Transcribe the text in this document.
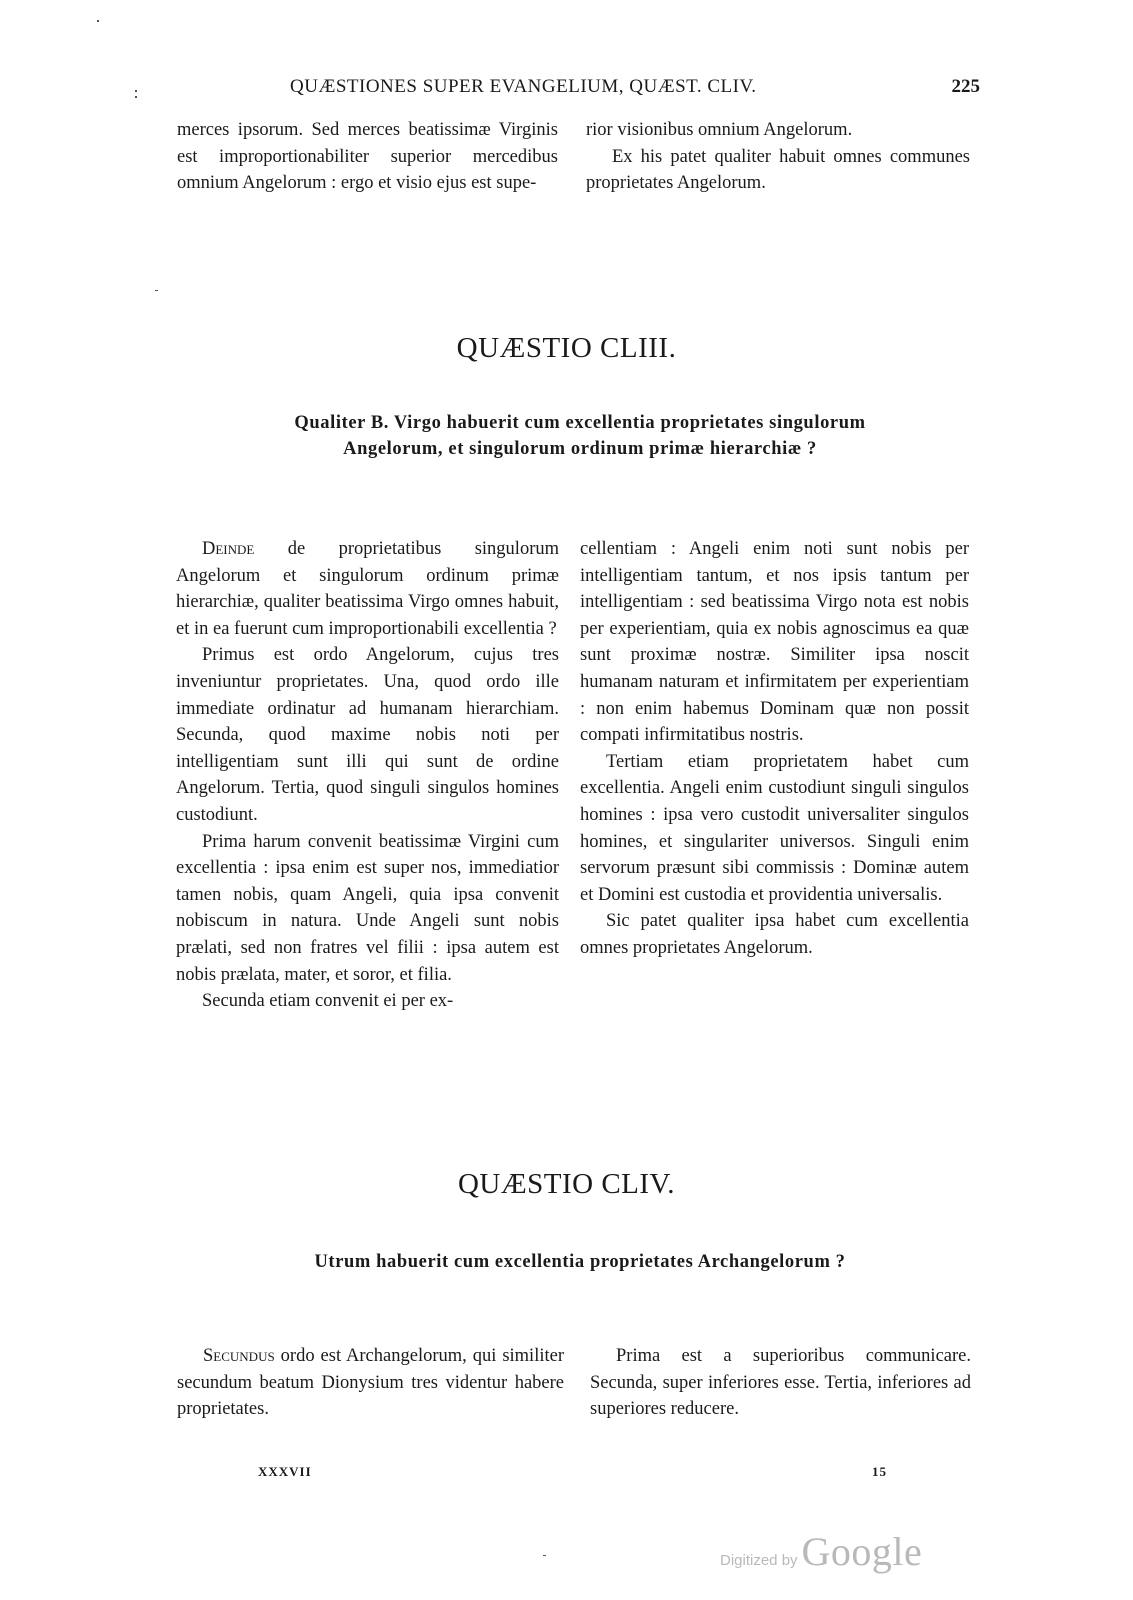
QUÆSTIONES SUPER EVANGELIUM, QUÆST. CLIV.	225

merces ipsorum. Sed merces beatissimæ Virginis est improportionabiliter superior mercedibus omnium Angelorum : ergo et visio ejus est supe-

rior visionibus omnium Angelorum.

Ex his patet qualiter habuit omnes communes proprietates Angelorum.

QUÆSTIO CLIII.
Qualiter B. Virgo habuerit cum excellentia proprietates singulorum
Angelorum, et singulorum ordinum primæ hierarchiæ ?

Deinde de proprietatibus singulorum Angelorum et singulorum ordinum primæ hierarchiæ, qualiter beatissima Virgo omnes habuit, et in ea fuerunt cum improportionabili excellentia ?

Primus est ordo Angelorum, cujus tres inveniuntur proprietates. Una, quod ordo ille immediate ordinatur ad humanam hierarchiam. Secunda, quod maxime nobis noti per intelligentiam sunt illi qui sunt de ordine Angelorum. Tertia, quod singuli singulos homines custodiunt.

Prima harum convenit beatissimæ Virgini cum excellentia : ipsa enim est super nos, immediatior tamen nobis, quam Angeli, quia ipsa convenit nobiscum in natura. Unde Angeli sunt nobis prælati, sed non fratres vel filii : ipsa autem est nobis prælata, mater, et soror, et filia.

Secunda etiam convenit ei per ex-

cellentiam : Angeli enim noti sunt nobis per intelligentiam tantum, et nos ipsis tantum per intelligentiam : sed beatissima Virgo nota est nobis per experientiam, quia ex nobis agnoscimus ea quæ sunt proximæ nostræ. Similiter ipsa noscit humanam naturam et infirmitatem per experientiam : non enim habemus Dominam quæ non possit compati infirmitatibus nostris.

Tertiam etiam proprietatem habet cum excellentia. Angeli enim custodiunt singuli singulos homines : ipsa vero custodit universaliter singulos homines, et singulariter universos. Singuli enim servorum præsunt sibi commissis : Dominæ autem et Domini est custodia et providentia universalis.

Sic patet qualiter ipsa habet cum excellentia omnes proprietates Angelorum.

QUÆSTIO CLIV.
Utrum habuerit cum excellentia proprietates Archangelorum ?

Secundus ordo est Archangelorum, qui similiter secundum beatum Dionysium tres videntur habere proprietates.

Prima est a superioribus communicare. Secunda, super inferiores esse. Tertia, inferiores ad superiores reducere.

XXXVII	15
Digitized by Google
